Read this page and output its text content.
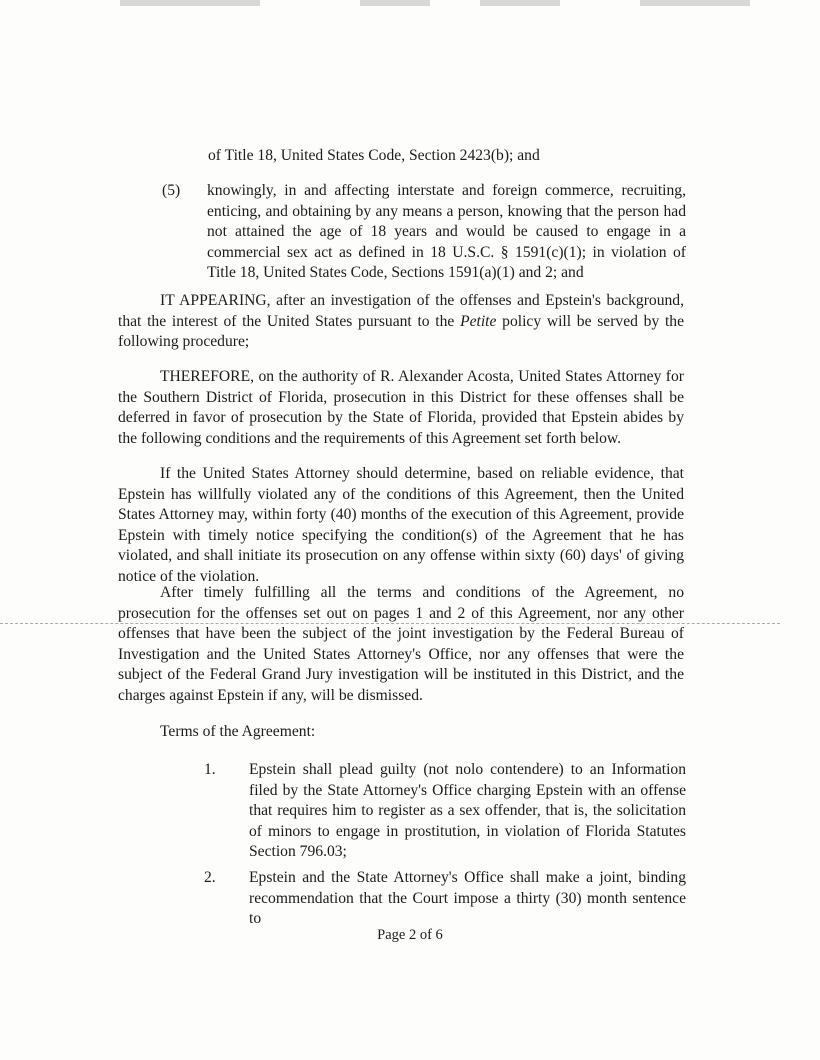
of Title 18, United States Code, Section 2423(b); and

(5) knowingly, in and affecting interstate and foreign commerce, recruiting, enticing, and obtaining by any means a person, knowing that the person had not attained the age of 18 years and would be caused to engage in a commercial sex act as defined in 18 U.S.C. § 1591(c)(1); in violation of Title 18, United States Code, Sections 1591(a)(1) and 2; and

IT APPEARING, after an investigation of the offenses and Epstein's background, that the interest of the United States pursuant to the Petite policy will be served by the following procedure;

THEREFORE, on the authority of R. Alexander Acosta, United States Attorney for the Southern District of Florida, prosecution in this District for these offenses shall be deferred in favor of prosecution by the State of Florida, provided that Epstein abides by the following conditions and the requirements of this Agreement set forth below.

If the United States Attorney should determine, based on reliable evidence, that Epstein has willfully violated any of the conditions of this Agreement, then the United States Attorney may, within forty (40) months of the execution of this Agreement, provide Epstein with timely notice specifying the condition(s) of the Agreement that he has violated, and shall initiate its prosecution on any offense within sixty (60) days' of giving notice of the violation.

After timely fulfilling all the terms and conditions of the Agreement, no prosecution for the offenses set out on pages 1 and 2 of this Agreement, nor any other offenses that have been the subject of the joint investigation by the Federal Bureau of Investigation and the United States Attorney's Office, nor any offenses that were the subject of the Federal Grand Jury investigation will be instituted in this District, and the charges against Epstein if any, will be dismissed.

Terms of the Agreement:

1. Epstein shall plead guilty (not nolo contendere) to an Information filed by the State Attorney's Office charging Epstein with an offense that requires him to register as a sex offender, that is, the solicitation of minors to engage in prostitution, in violation of Florida Statutes Section 796.03;
2. Epstein and the State Attorney's Office shall make a joint, binding recommendation that the Court impose a thirty (30) month sentence to
Page 2 of 6
